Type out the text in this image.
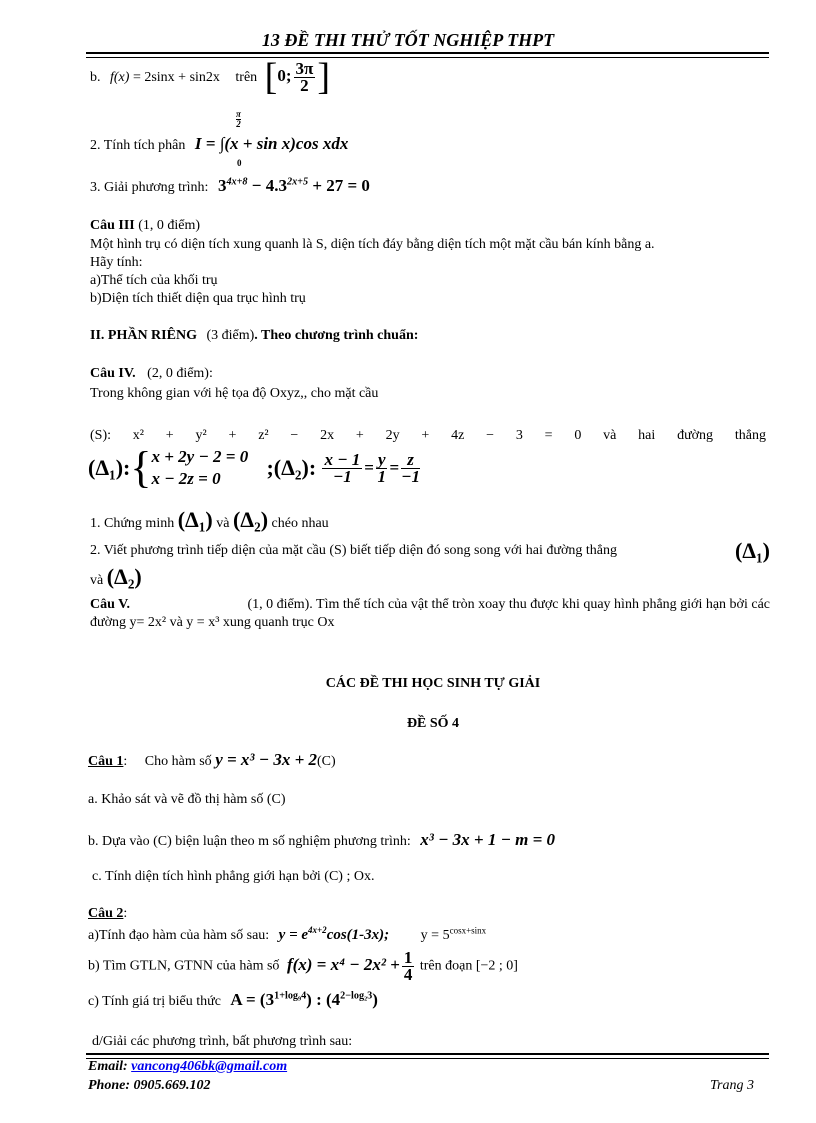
13 ĐỀ THI THỬ TỐT NGHIỆP THPT
b. f(x) = 2sinx + sin2x trên [0; $\frac{3\pi}{2}$ ]
$\frac{\pi}{2}$
2. Tính tích phân I = ∫(x + sin x)cos xdx
0
3. Giải phương trình: $3^{4x+8} - 4.3^{2x+5} + 27 = 0$
Câu III (1, 0 điểm)
Một hình trụ có diện tích xung quanh là S, diện tích đáy bằng diện tích một mặt cầu bán kính bằng a.
Hãy tính:
a)Thể tích của khối trụ
b)Diện tích thiết diện qua trục hình trụ
II. PHẦN RIÊNG (3 điểm). Theo chương trình chuẩn:
Câu IV. (2, 0 điểm):
Trong không gian với hệ tọa độ Oxyz,, cho mặt cầu
(S): x² + y² + z² − 2x + 2y + 4z − 3 = 0 và hai đường thẳng
(Δ₁):{ x + 2y − 2 = 0
x − 2z = 0	;(Δ₂): $\frac{x - 1}{-1} = \frac{y}{1} = \frac{z}{-1}$
1. Chứng minh (Δ₁) và (Δ₂) chéo nhau
2. Viết phương trình tiếp diện của mặt cầu (S) biết tiếp diện đó song song với hai đường thẳng	(Δ₁)
và (Δ₂)
Câu V.	(1, 0 điểm). Tìm thể tích của vật thể tròn xoay thu được khi quay hình phẳng giới hạn bởi các
đường y= 2x² và y = x³ xung quanh trục Ox
CÁC ĐỀ THI HỌC SINH TỰ GIẢI
ĐỀ SỐ 4
Câu 1: Cho hàm số y = x³ − 3x + 2(C)
a. Khảo sát và vẽ đồ thị hàm số (C)
b. Dựa vào (C) biện luận theo m số nghiệm phương trình: x³ − 3x + 1 − m = 0
c. Tính diện tích hình phẳng giới hạn bởi (C) ; Ox.
Câu 2:
a)Tính đạo hàm của hàm số sau: $y = e^{4x+2}\cos(1-3x)$; $y = 5^{cosx+sinx}$
b) Tìm GTLN, GTNN của hàm số $f(x) = x^4 - 2x^2 + \frac{1}{4}$ trên đoạn [−2 ; 0]
c) Tính giá trị biểu thức $A = (3^{1+log_94})$ : $(4^{2-log_23})$
d/Giải các phương trình, bất phương trình sau:
Email: vancong406bk@gmail.com
Phone: 0905.669.102	Trang 3
